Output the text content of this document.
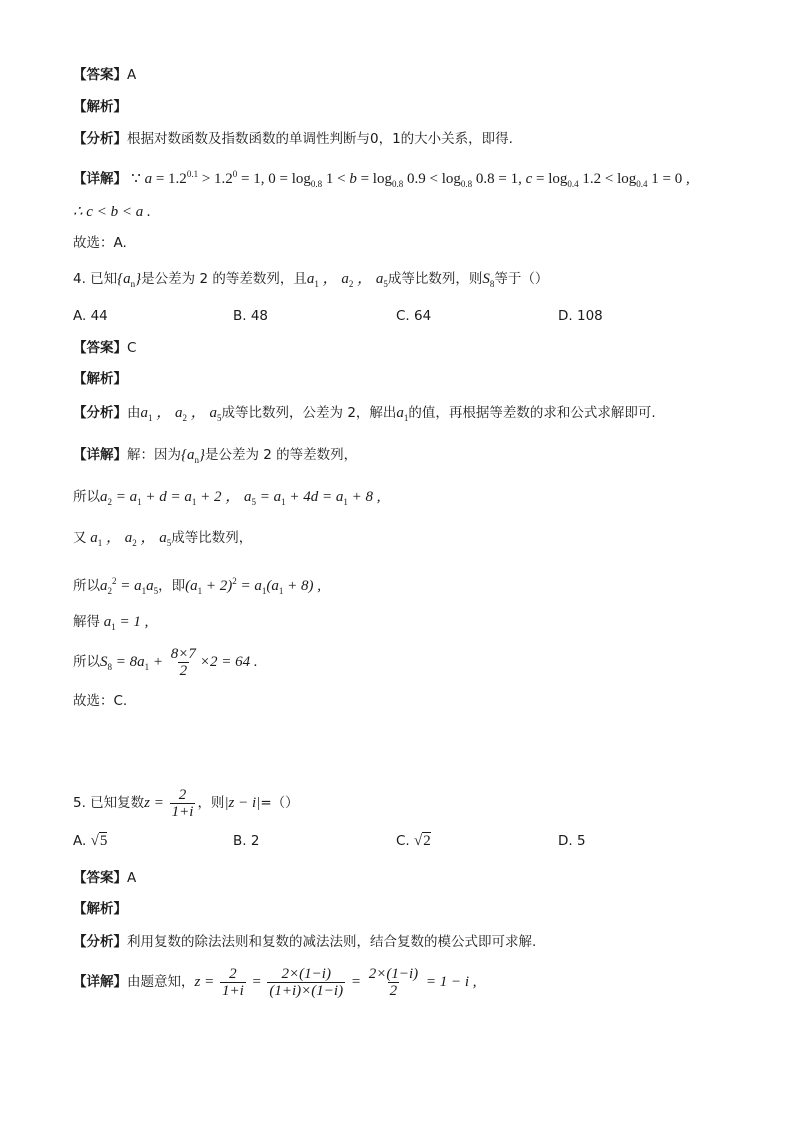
【答案】A
【解析】
【分析】根据对数函数及指数函数的单调性判断与0，1的大小关系，即得.
【详解】 ∵ $a = 1.2^{0.1} > 1.2^0 = 1$, $0 = \log_{0.8} 1 < b = \log_{0.8} 0.9 < \log_{0.8} 0.8 = 1$, $c = \log_{0.4} 1.2 < \log_{0.4} 1 = 0$ ,
∴ c < b < a .
故选：A.
4. 已知$\{a_n\}$是公差为 2 的等差数列，且$a_1$ ， $a_2$ ， $a_5$成等比数列，则$S_8$等于（）
A. 44	B. 48	C. 64	D. 108
【答案】C
【解析】
【分析】由$a_1$ ， $a_2$ ， $a_5$成等比数列，公差为 2，解出$a_1$的值，再根据等差数的求和公式求解即可.
【详解】解：因为$\{a_n\}$是公差为 2 的等差数列，
所以$a_2 = a_1 + d = a_1 + 2$ ， $a_5 = a_1 + 4d = a_1 + 8$ ,
又 $a_1$ ， $a_2$ ， $a_5$成等比数列，
所以$a_2^2 = a_1a_5$，即$(a_1 + 2)^2 = a_1(a_1 + 8)$ ,
解得 $a_1 = 1$ ,
所以$S_8 = 8a_1 + \frac{8\times 7}{2} \times 2 = 64$ .
故选：C.
5. 已知复数$z = \frac{2}{1+i}$ ，则|z − i|=（）
A. √5	B. 2	C. √2	D. 5
【答案】A
【解析】
【分析】利用复数的除法法则和复数的减法法则，结合复数的模公式即可求解.
【详解】由题意知，$z = \frac{2}{1+i} = \frac{2\times(1-i)}{(1+i)\times(1-i)} = \frac{2\times(1-i)}{2} = 1 - i$ ,
